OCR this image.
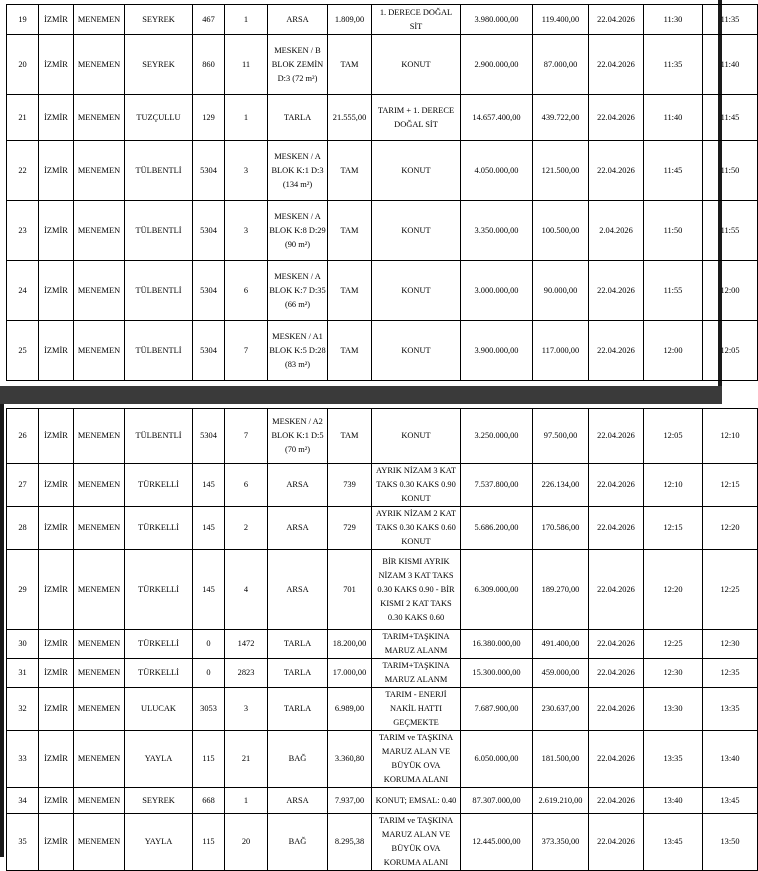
19	İZMİR	MENEMEN	SEYREK	467	1	ARSA	1.809,00	1. DERECE DOĞAL SİT	3.980.000,00	119.400,00	22.04.2026	11:30	11:35
20	İZMİR	MENEMEN	SEYREK	860	11	MESKEN / B BLOK ZEMİN D:3 (72 m²)	TAM	KONUT	2.900.000,00	87.000,00	22.04.2026	11:35	11:40
21	İZMİR	MENEMEN	TUZÇULLU	129	1	TARLA	21.555,00	TARIM + 1. DERECE DOĞAL SİT	14.657.400,00	439.722,00	22.04.2026	11:40	11:45
22	İZMİR	MENEMEN	TÜLBENTLİ	5304	3	MESKEN / A BLOK K:1 D:3 (134 m²)	TAM	KONUT	4.050.000,00	121.500,00	22.04.2026	11:45	11:50
23	İZMİR	MENEMEN	TÜLBENTLİ	5304	3	MESKEN / A BLOK K:8 D:29 (90 m²)	TAM	KONUT	3.350.000,00	100.500,00	2.04.2026	11:50	11:55
24	İZMİR	MENEMEN	TÜLBENTLİ	5304	6	MESKEN / A BLOK K:7 D:35 (66 m²)	TAM	KONUT	3.000.000,00	90.000,00	22.04.2026	11:55	12:00
25	İZMİR	MENEMEN	TÜLBENTLİ	5304	7	MESKEN / A1 BLOK K:5 D:28 (83 m²)	TAM	KONUT	3.900.000,00	117.000,00	22.04.2026	12:00	12:05
26	İZMİR	MENEMEN	TÜLBENTLİ	5304	7	MESKEN / A2 BLOK K:1 D:5 (70 m²)	TAM	KONUT	3.250.000,00	97.500,00	22.04.2026	12:05	12:10
27	İZMİR	MENEMEN	TÜRKELLİ	145	6	ARSA	739	AYRIK NİZAM 3 KAT TAKS 0.30 KAKS 0.90 KONUT	7.537.800,00	226.134,00	22.04.2026	12:10	12:15
28	İZMİR	MENEMEN	TÜRKELLİ	145	2	ARSA	729	AYRIK NİZAM 2 KAT TAKS 0.30 KAKS 0.60 KONUT	5.686.200,00	170.586,00	22.04.2026	12:15	12:20
29	İZMİR	MENEMEN	TÜRKELLİ	145	4	ARSA	701	BİR KISMI AYRIK NİZAM 3 KAT TAKS 0.30 KAKS 0.90 - BİR KISMI 2 KAT TAKS 0.30 KAKS 0.60	6.309.000,00	189.270,00	22.04.2026	12:20	12:25
30	İZMİR	MENEMEN	TÜRKELLİ	0	1472	TARLA	18.200,00	TARIM+TAŞKINA MARUZ ALANM	16.380.000,00	491.400,00	22.04.2026	12:25	12:30
31	İZMİR	MENEMEN	TÜRKELLİ	0	2823	TARLA	17.000,00	TARIM+TAŞKINA MARUZ ALANM	15.300.000,00	459.000,00	22.04.2026	12:30	12:35
32	İZMİR	MENEMEN	ULUCAK	3053	3	TARLA	6.989,00	TARIM - ENERJİ NAKİL HATTI GEÇMEKTE	7.687.900,00	230.637,00	22.04.2026	13:30	13:35
33	İZMİR	MENEMEN	YAYLA	115	21	BAĞ	3.360,80	TARIM ve TAŞKINA MARUZ ALAN VE BÜYÜK OVA KORUMA ALANI	6.050.000,00	181.500,00	22.04.2026	13:35	13:40
34	İZMİR	MENEMEN	SEYREK	668	1	ARSA	7.937,00	KONUT; EMSAL: 0.40	87.307.000,00	2.619.210,00	22.04.2026	13:40	13:45
35	İZMİR	MENEMEN	YAYLA	115	20	BAĞ	8.295,38	TARIM ve TAŞKINA MARUZ ALAN VE BÜYÜK OVA KORUMA ALANI	12.445.000,00	373.350,00	22.04.2026	13:45	13:50
